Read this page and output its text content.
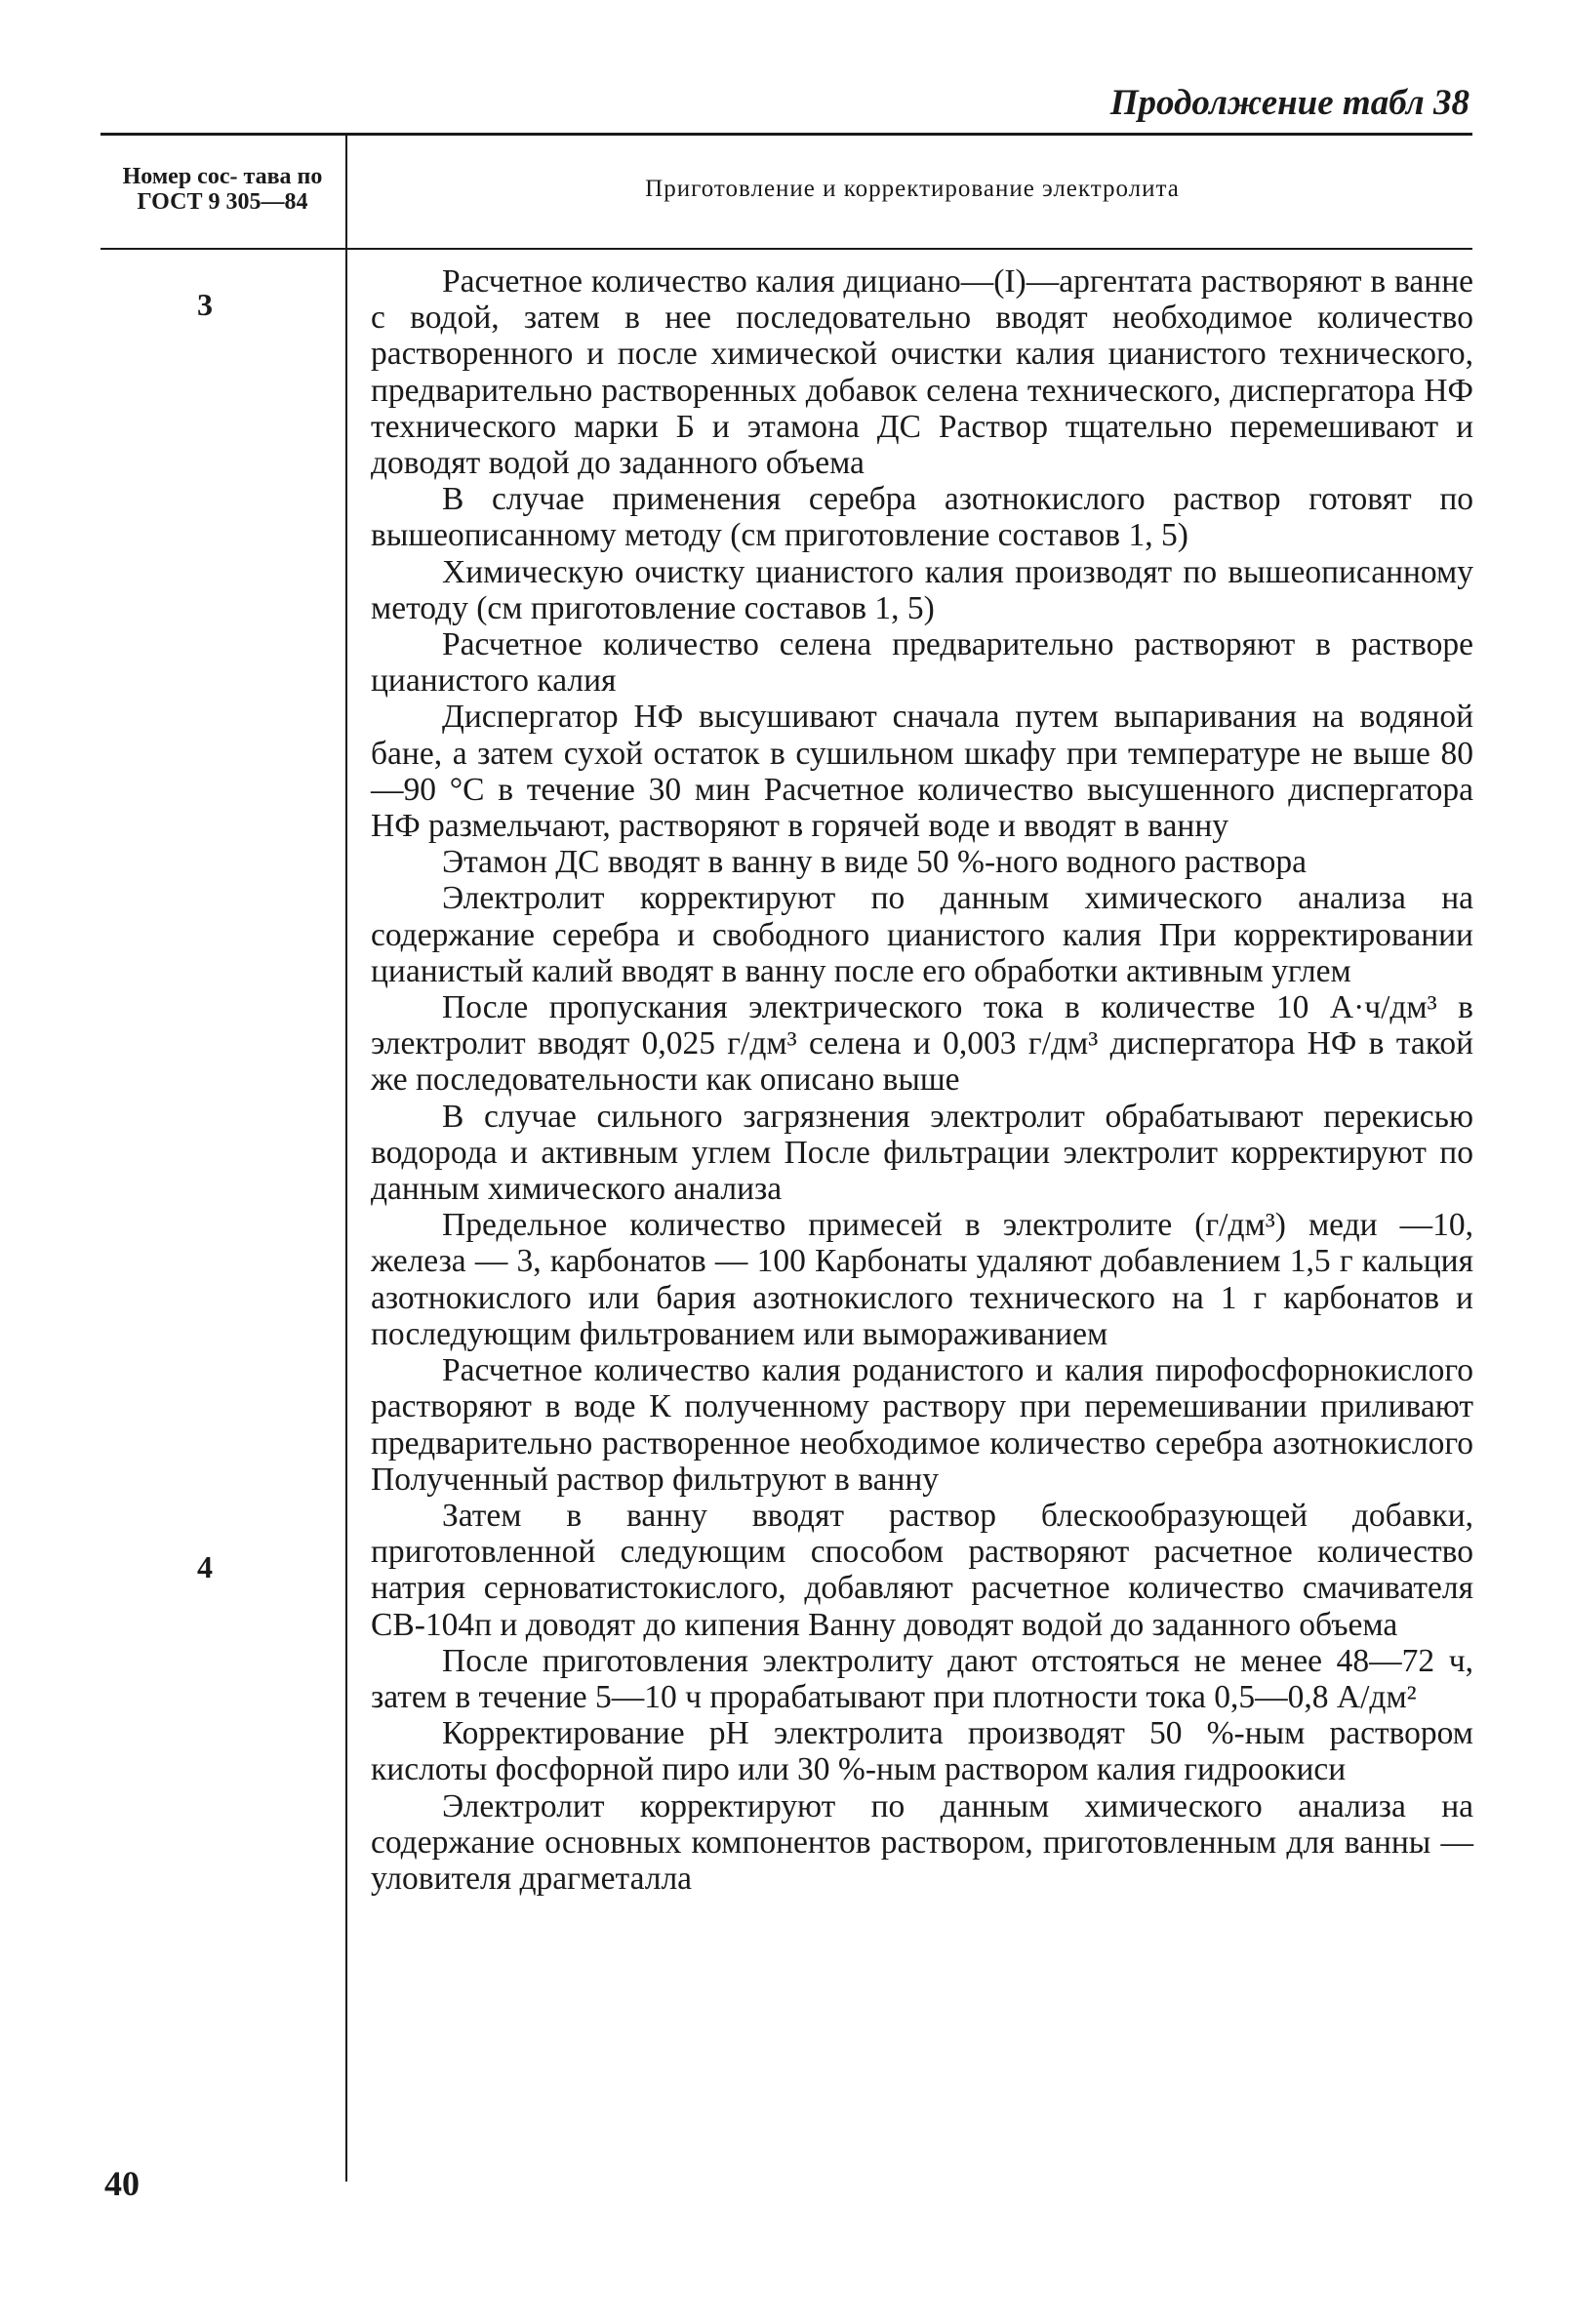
Продолжение табл 38
Номер сос- тава по ГОСТ 9 305—84	Приготовление и корректирование электролита
3
4

Расчетное количество калия дициано—(I)—аргентата растворяют в ванне с водой, затем в нее последовательно вводят необходимое количество растворенного и после химической очистки калия цианистого технического, предварительно растворенных добавок селена технического, диспергатора НФ технического марки Б и этамона ДС Раствор тщательно перемешивают и доводят водой до заданного объема

В случае применения серебра азотнокислого раствор готовят по вышеописанному методу (см приготовление составов 1, 5)

Химическую очистку цианистого калия производят по вышеописанному методу (см приготовление составов 1, 5)

Расчетное количество селена предварительно растворяют в растворе цианистого калия

Диспергатор НФ высушивают сначала путем выпаривания на водяной бане, а затем сухой остаток в сушильном шкафу при температуре не выше 80—90 °С в течение 30 мин Расчетное количество высушенного диспергатора НФ размельчают, растворяют в горячей воде и вводят в ванну

Этамон ДС вводят в ванну в виде 50 %-ного водного раствора

Электролит корректируют по данным химического анализа на содержание серебра и свободного цианистого калия При корректировании цианистый калий вводят в ванну после его обработки активным углем

После пропускания электрического тока в количестве 10 А·ч/дм³ в электролит вводят 0,025 г/дм³ селена и 0,003 г/дм³ диспергатора НФ в такой же последовательности как описано выше

В случае сильного загрязнения электролит обрабатывают перекисью водорода и активным углем После фильтрации электролит корректируют по данным химического анализа

Предельное количество примесей в электролите (г/дм³) меди —10, железа — 3, карбонатов — 100 Карбонаты удаляют добавлением 1,5 г кальция азотнокислого или бария азотнокислого технического на 1 г карбонатов и последующим фильтрованием или вымораживанием

Расчетное количество калия роданистого и калия пирофосфорнокислого растворяют в воде К полученному раствору при перемешивании приливают предварительно растворенное необходимое количество серебра азотнокислого Полученный раствор фильтруют в ванну

Затем в ванну вводят раствор блескообразующей добавки, приготовленной следующим способом растворяют расчетное количество натрия серноватистокислого, добавляют расчетное количество смачивателя СВ-104п и доводят до кипения Ванну доводят водой до заданного объема

После приготовления электролиту дают отстояться не менее 48—72 ч, затем в течение 5—10 ч прорабатывают при плотности тока 0,5—0,8 А/дм²

Корректирование рН электролита производят 50 %-ным раствором кислоты фосфорной пиро или 30 %-ным раствором калия гидроокиси

Электролит корректируют по данным химического анализа на содержание основных компонентов раствором, приготовленным для ванны — уловителя драгметалла

40
